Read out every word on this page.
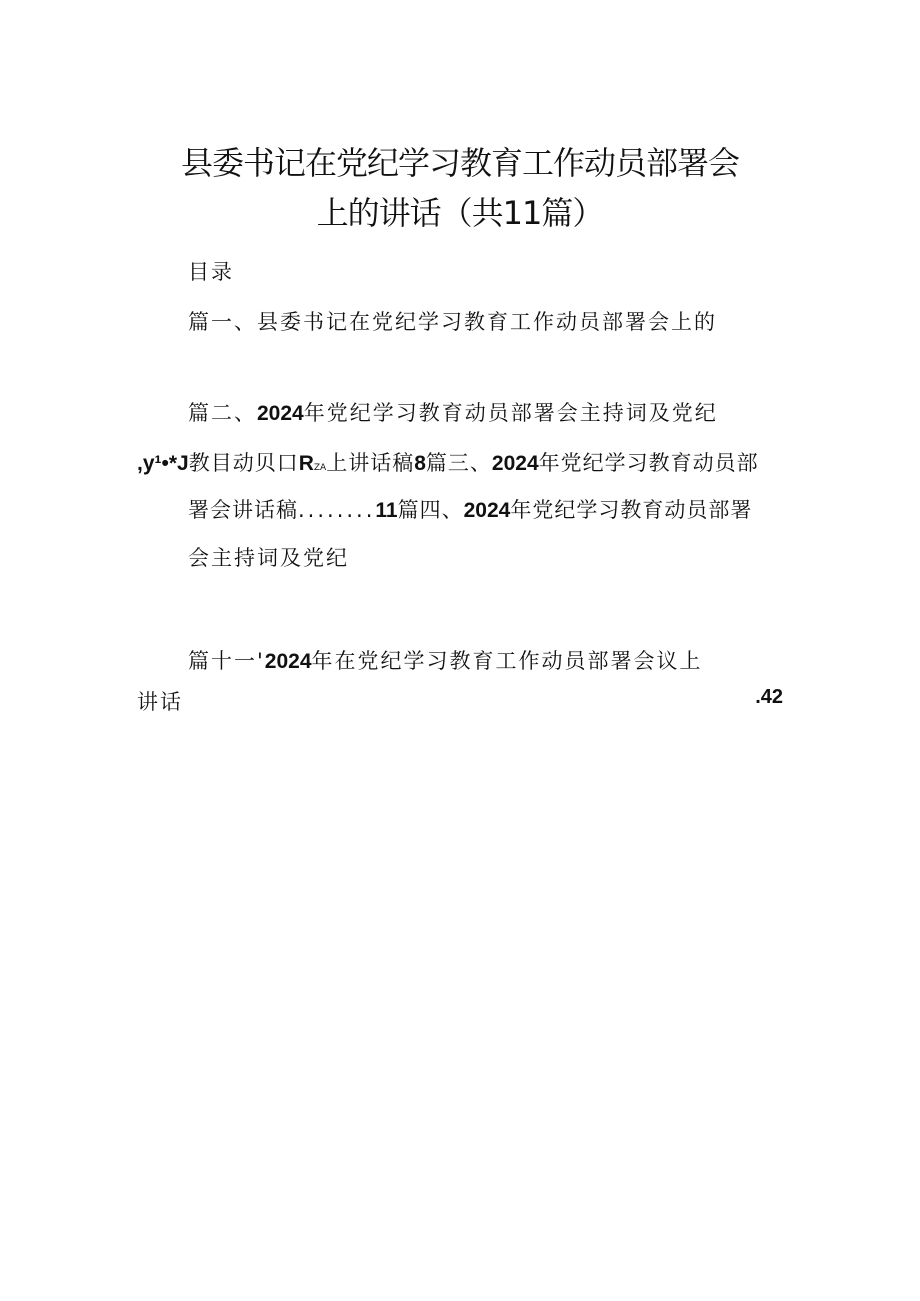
县委书记在党纪学习教育工作动员部署会
上的讲话（共11篇）
目录
篇一、县委书记在党纪学习教育工作动员部署会上的
篇二、2024年党纪学习教育动员部署会主持词及党纪
,y¹•*J教目动贝口RZA上讲话稿8篇三、2024年党纪学习教育动员部
署会讲话稿........11篇四、2024年党纪学习教育动员部署
会主持词及党纪
篇十一'2024年在党纪学习教育工作动员部署会议上
讲话	.42
